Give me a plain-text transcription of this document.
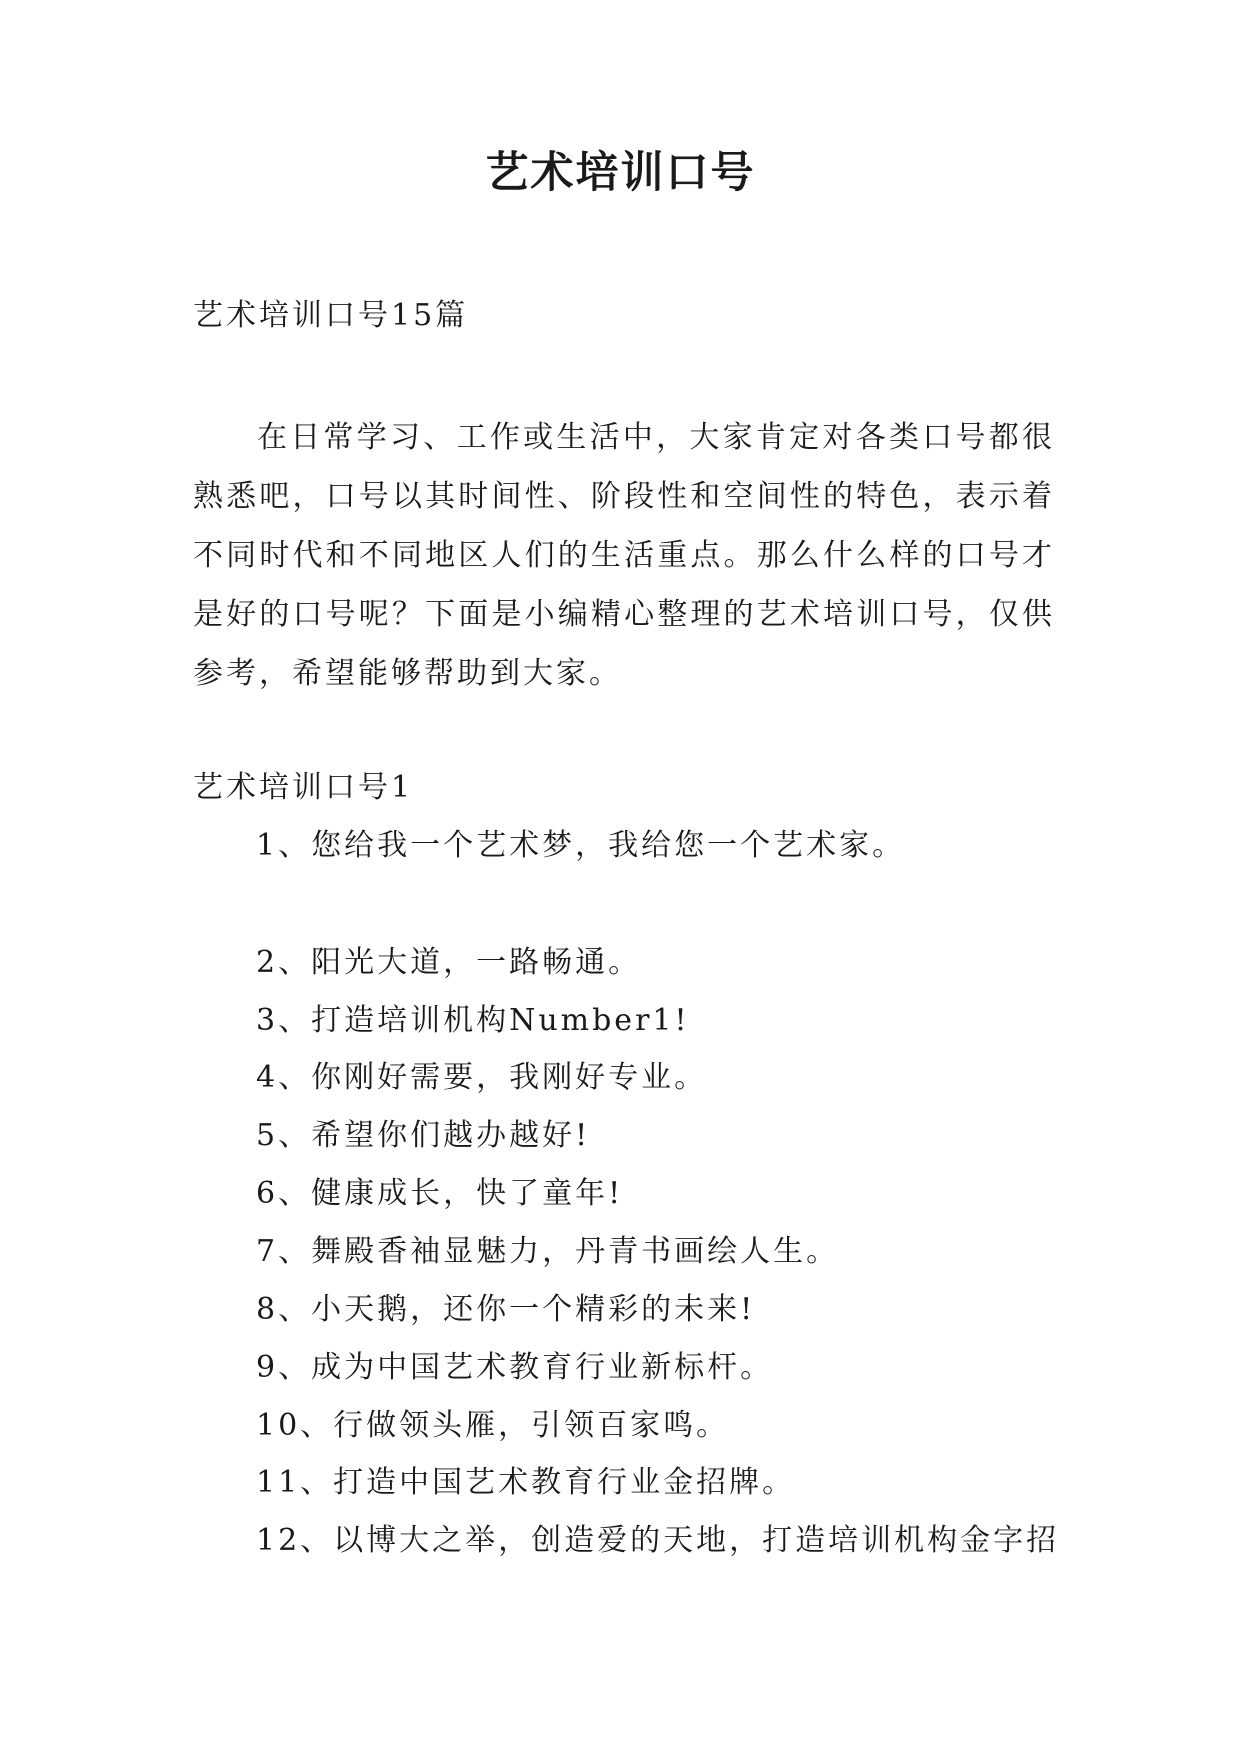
艺术培训口号

艺术培训口号15篇

在日常学习、工作或生活中，大家肯定对各类口号都很熟悉吧，口号以其时间性、阶段性和空间性的特色，表示着不同时代和不同地区人们的生活重点。那么什么样的口号才是好的口号呢？下面是小编精心整理的艺术培训口号，仅供参考，希望能够帮助到大家。

艺术培训口号1

1、您给我一个艺术梦，我给您一个艺术家。

2、阳光大道，一路畅通。

3、打造培训机构Number1!

4、你刚好需要，我刚好专业。

5、希望你们越办越好!

6、健康成长，快了童年!

7、舞殿香袖显魅力，丹青书画绘人生。

8、小天鹅，还你一个精彩的未来!

9、成为中国艺术教育行业新标杆。

10、行做领头雁，引领百家鸣。

11、打造中国艺术教育行业金招牌。

12、以博大之举，创造爱的天地，打造培训机构金字招
